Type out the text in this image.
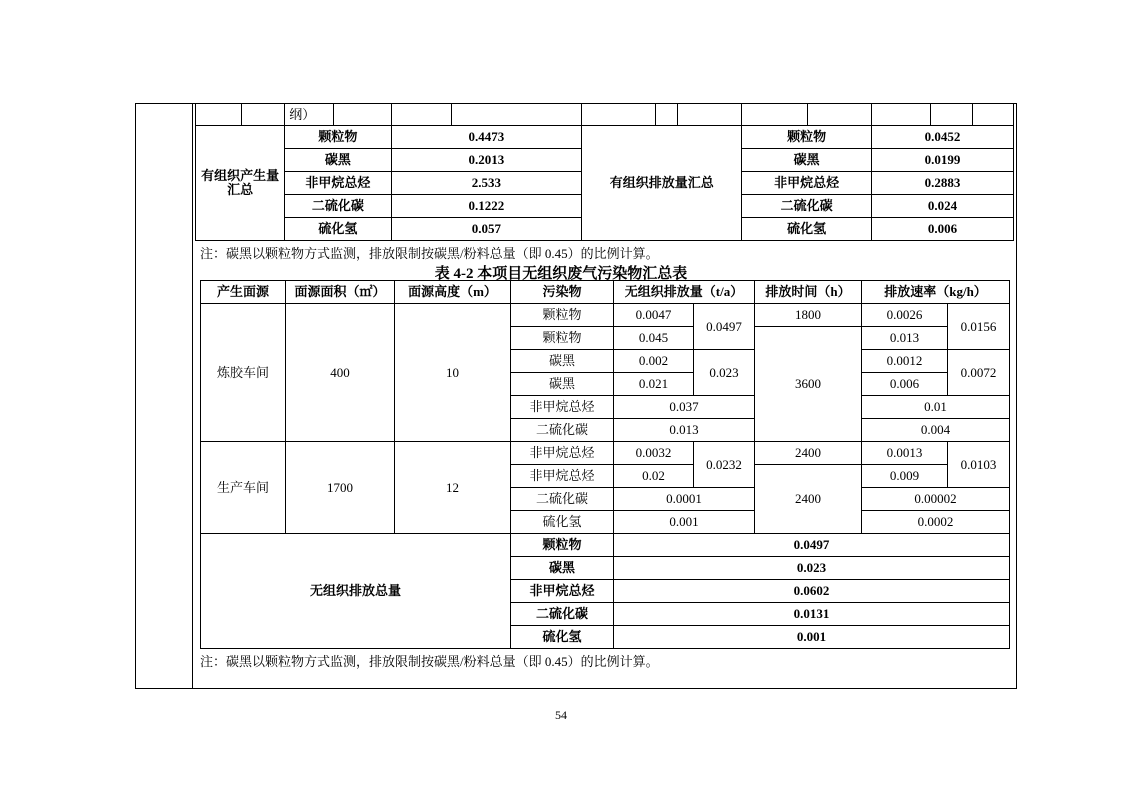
		纲）											
有组织产生量汇总		颗粒物		0.4473		有组织排放量汇总			颗粒物		0.0452		
		碳黑		0.2013					碳黑		0.0199		
		非甲烷总烃		2.533					非甲烷总烃		0.2883		
		二硫化碳		0.1222					二硫化碳		0.024		
		硫化氢		0.057					硫化氢		0.006		
注：碳黑以颗粒物方式监测，排放限制按碳黑/粉料总量（即 0.45）的比例计算。
表 4-2 本项目无组织废气污染物汇总表
产生面源	面源面积（㎡）	面源高度（m）	污染物	无组织排放量（t/a）		排放时间（h）	排放速率（kg/h）	
炼胶车间	400	10	颗粒物	0.0047	0.0497	1800	0.0026	0.0156
			颗粒物	0.045		3600	0.013	
			碳黑	0.002	0.023		0.0012	0.0072
			碳黑	0.021			0.006	
			非甲烷总烃	0.037			0.01	
			二硫化碳	0.013			0.004	
生产车间	1700	12	非甲烷总烃	0.0032	0.0232	2400	0.0013	0.0103
			非甲烷总烃	0.02		2400	0.009	
			二硫化碳	0.0001			0.00002	
			硫化氢	0.001			0.0002	
无组织排放总量			颗粒物	0.0497				
			碳黑	0.023				
			非甲烷总烃	0.0602				
			二硫化碳	0.0131				
			硫化氢	0.001				
注：碳黑以颗粒物方式监测，排放限制按碳黑/粉料总量（即 0.45）的比例计算。
54
